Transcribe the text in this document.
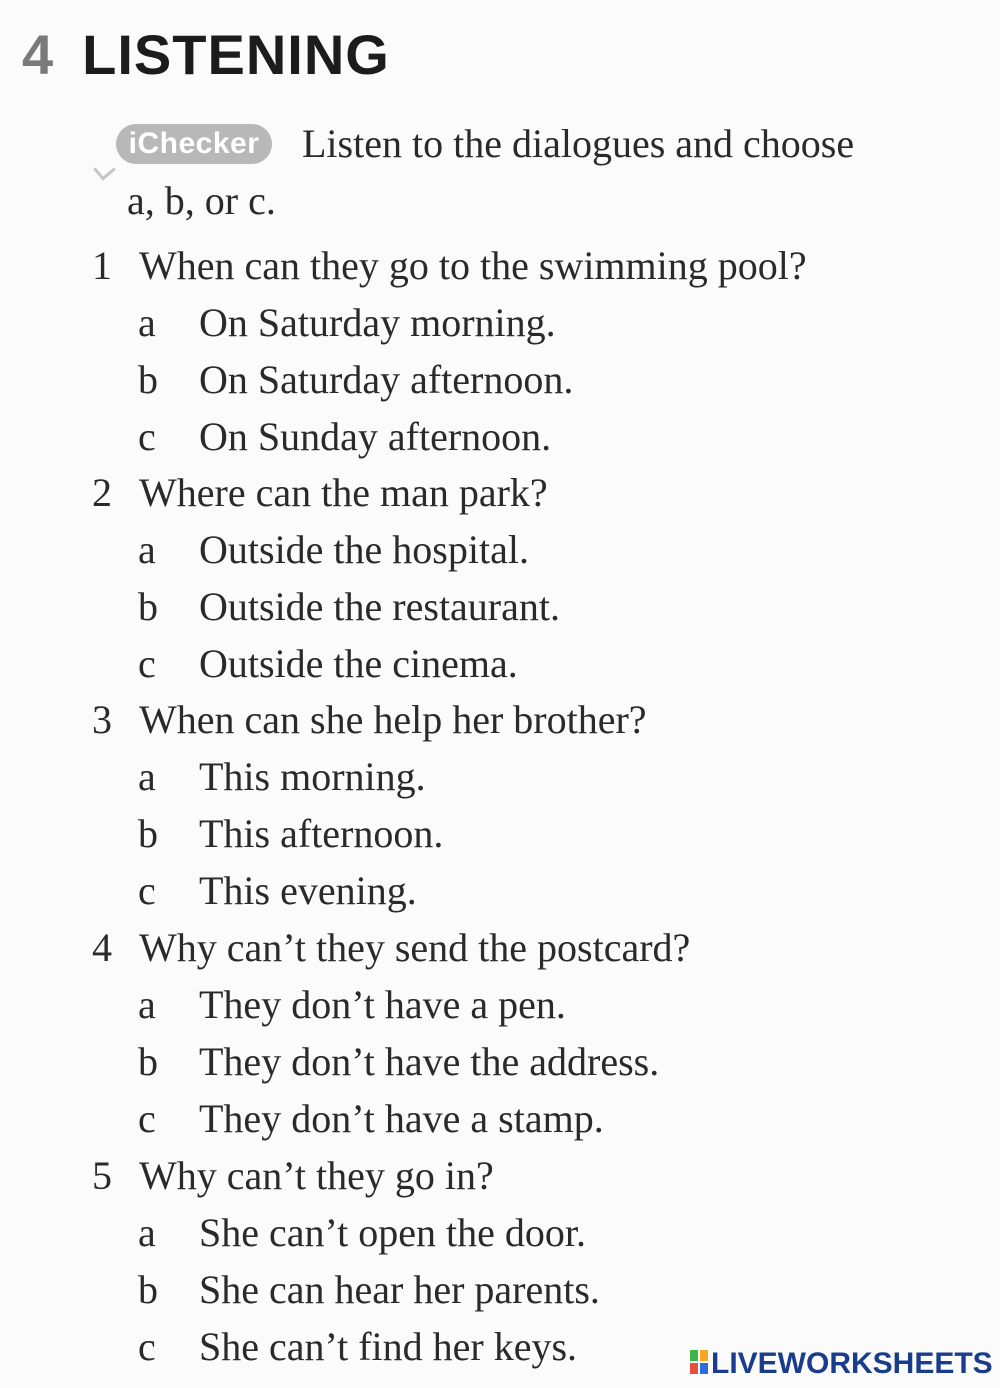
4 LISTENING
iChecker	Listen to the dialogues and choose
a, b, or c.
1 When can they go to the swimming pool?
a	On Saturday morning.
b On Saturday afternoon.
c	On Sunday afternoon.
2 Where can the man park?
a	Outside the hospital.
b Outside the restaurant.
c	Outside the cinema.
3 When can she help her brother?
a	This morning.
b This afternoon.
c	This evening.
4 Why can’t they send the postcard?
a	They don’t have a pen.
b They don’t have the address.
c	They don’t have a stamp.
5 Why can’t they go in?
a	She can’t open the door.
b She can hear her parents.
c	She can’t find her keys.	LIVEWORKSHEETS
